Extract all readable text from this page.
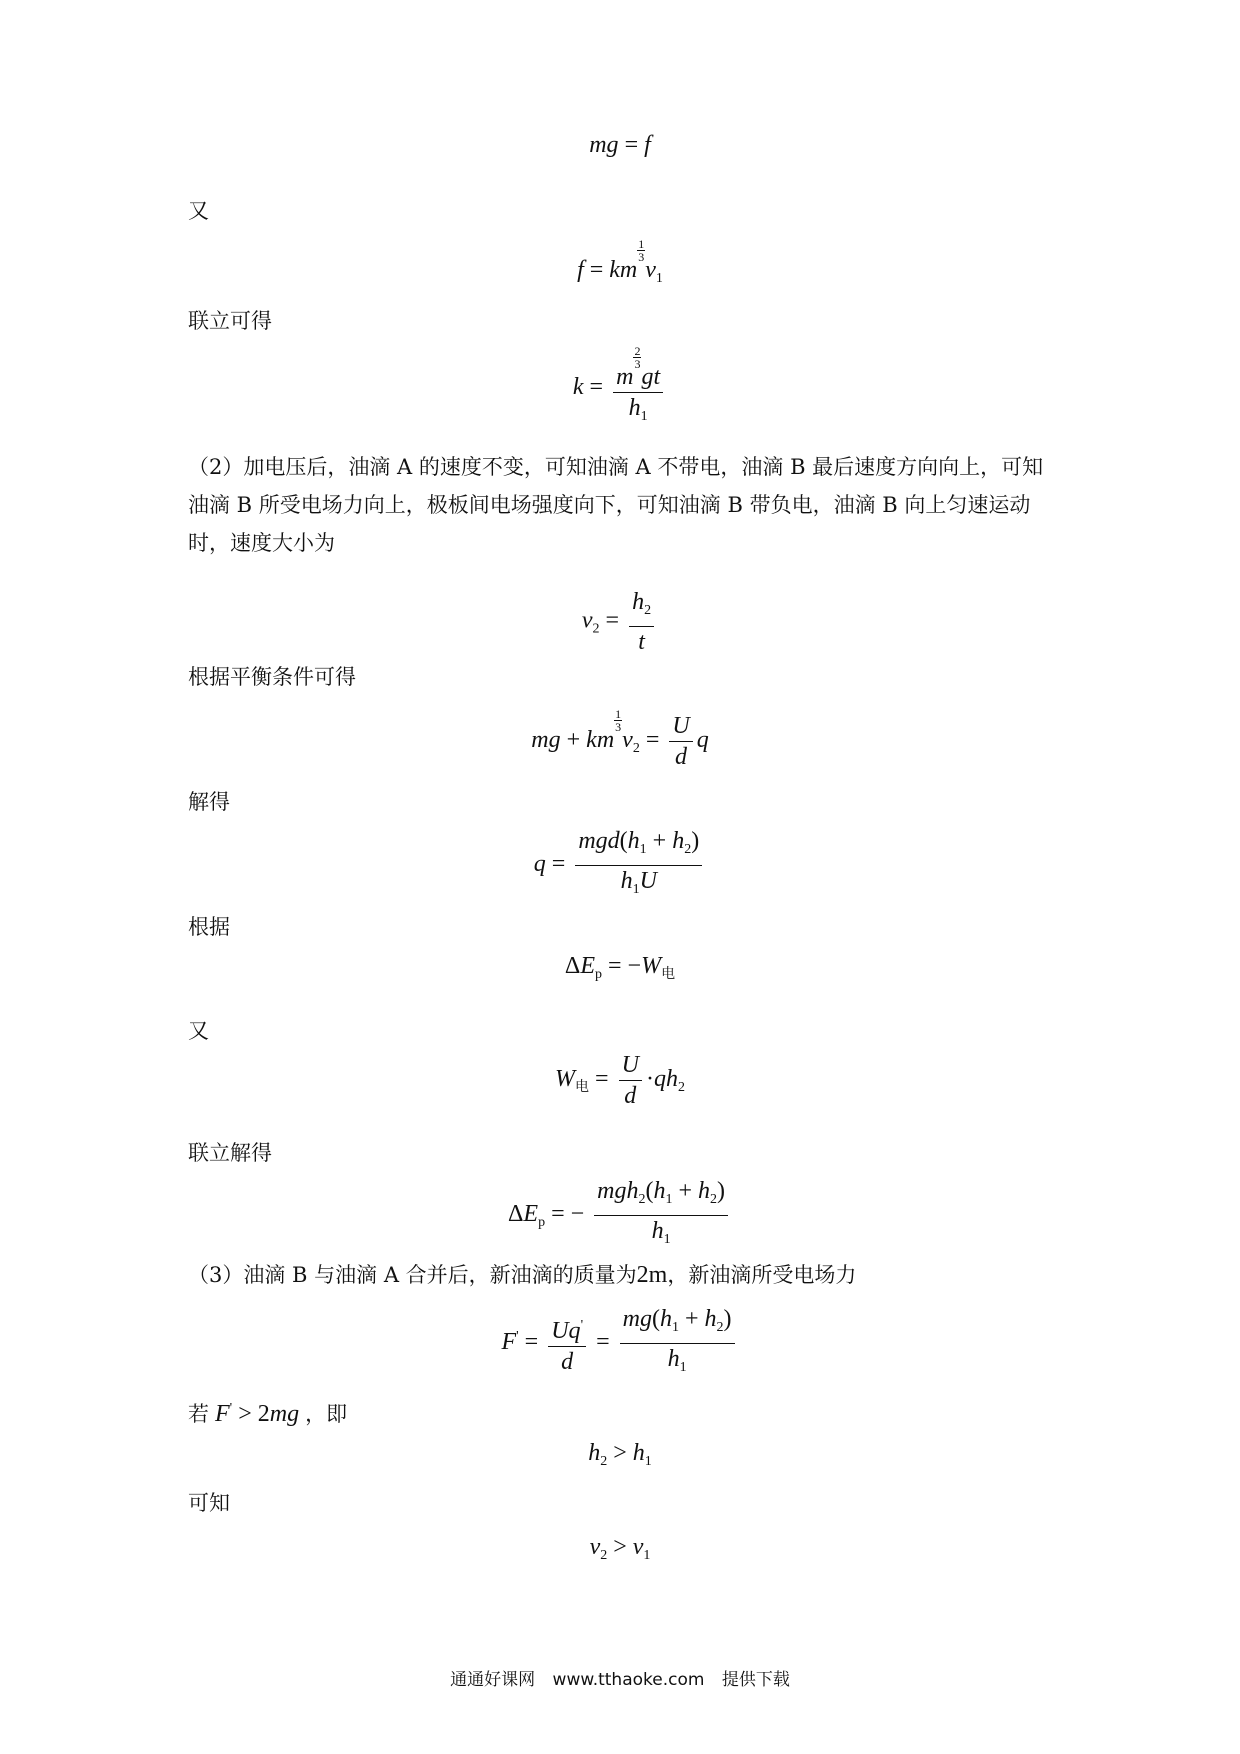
mg = f
又
f = km
$\frac{1}{3}$
$v_1$
联立可得
k = m
$\frac{2}{3}$
gt
$h_1$
（2）加电压后，油滴 A 的速度不变，可知油滴 A 不带电，油滴 B 最后速度方向向上，可知油滴 B 所受电场力向上，极板间电场强度向下，可知油滴 B 带负电，油滴 B 向上匀速运动时，速度大小为
$v_2 = \frac{h_2}{t}$
根据平衡条件可得
mg + km
$\frac{1}{3}$
$v_2 = \frac{U}{d}$ q
解得
$q = \frac{mgd(h_1 + h_2)}{h_1U}$
根据
$\Delta E_p = -W_电$
又
$W_电 = \frac{U}{d} \cdot qh_2$
联立解得
$\Delta E_p$ = − $\frac{mgh_2(h_1 + h_2)}{h_1}$
（3）油滴 B 与油滴 A 合并后，新油滴的质量为2m，新油滴所受电场力
$F' = \frac{Uq'}{d} = \frac{mg(h_1 + h_2)}{h_1}$
若 F' > 2mg ，即
$h_2 > h_1$
可知
$v_2 > v_1$
通通好课网 www.tthaoke.com 提供下载
